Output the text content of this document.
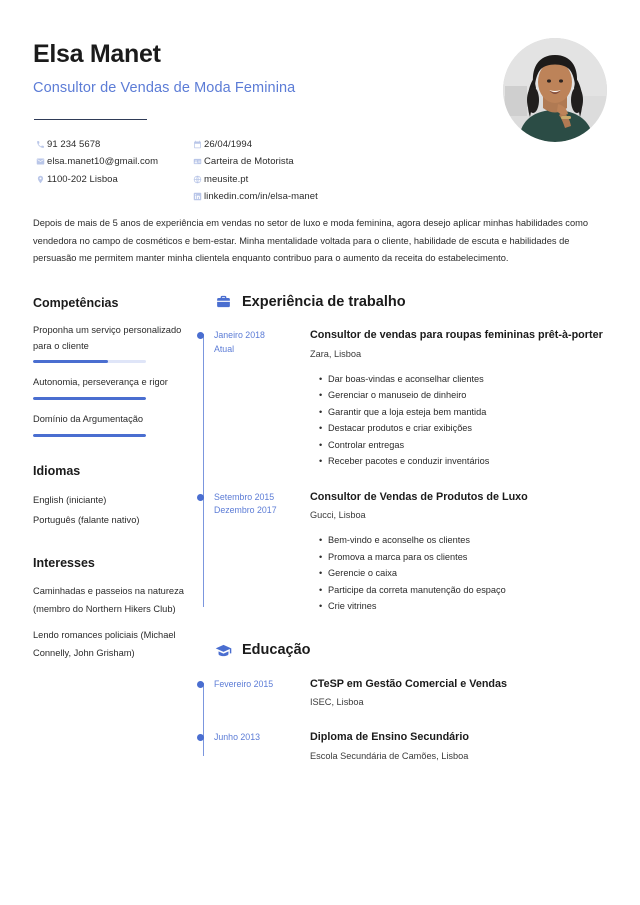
Elsa Manet
Consultor de Vendas de Moda Feminina
91 234 5678
elsa.manet10@gmail.com
1100-202 Lisboa
26/04/1994
Carteira de Motorista
meusite.pt
linkedin.com/in/elsa-manet
Depois de mais de 5 anos de experiência em vendas no setor de luxo e moda feminina, agora desejo aplicar minhas habilidades como vendedora no campo de cosméticos e bem-estar. Minha mentalidade voltada para o cliente, habilidade de escuta e habilidades de persuasão me permitem manter minha clientela enquanto contribuo para o aumento da receita do estabelecimento.
Competências
Proponha um serviço personalizado para o cliente
Autonomia, perseverança e rigor
Domínio da Argumentação
Idiomas
English (iniciante)
Português (falante nativo)
Interesses
Caminhadas e passeios na natureza (membro do Northern Hikers Club)
Lendo romances policiais (Michael Connelly, John Grisham)
Experiência de trabalho
Janeiro 2018
Atual
Consultor de vendas para roupas femininas prêt-à-porter
Zara, Lisboa
• Dar boas-vindas e aconselhar clientes
• Gerenciar o manuseio de dinheiro
• Garantir que a loja esteja bem mantida
• Destacar produtos e criar exibições
• Controlar entregas
• Receber pacotes e conduzir inventários
Setembro 2015
Dezembro 2017
Consultor de Vendas de Produtos de Luxo
Gucci, Lisboa
• Bem-vindo e aconselhe os clientes
• Promova a marca para os clientes
• Gerencie o caixa
• Participe da correta manutenção do espaço
• Crie vitrines
Educação
Fevereiro 2015	CTeSP em Gestão Comercial e Vendas
ISEC, Lisboa
Junho 2013	Diploma de Ensino Secundário
Escola Secundária de Camões, Lisboa
